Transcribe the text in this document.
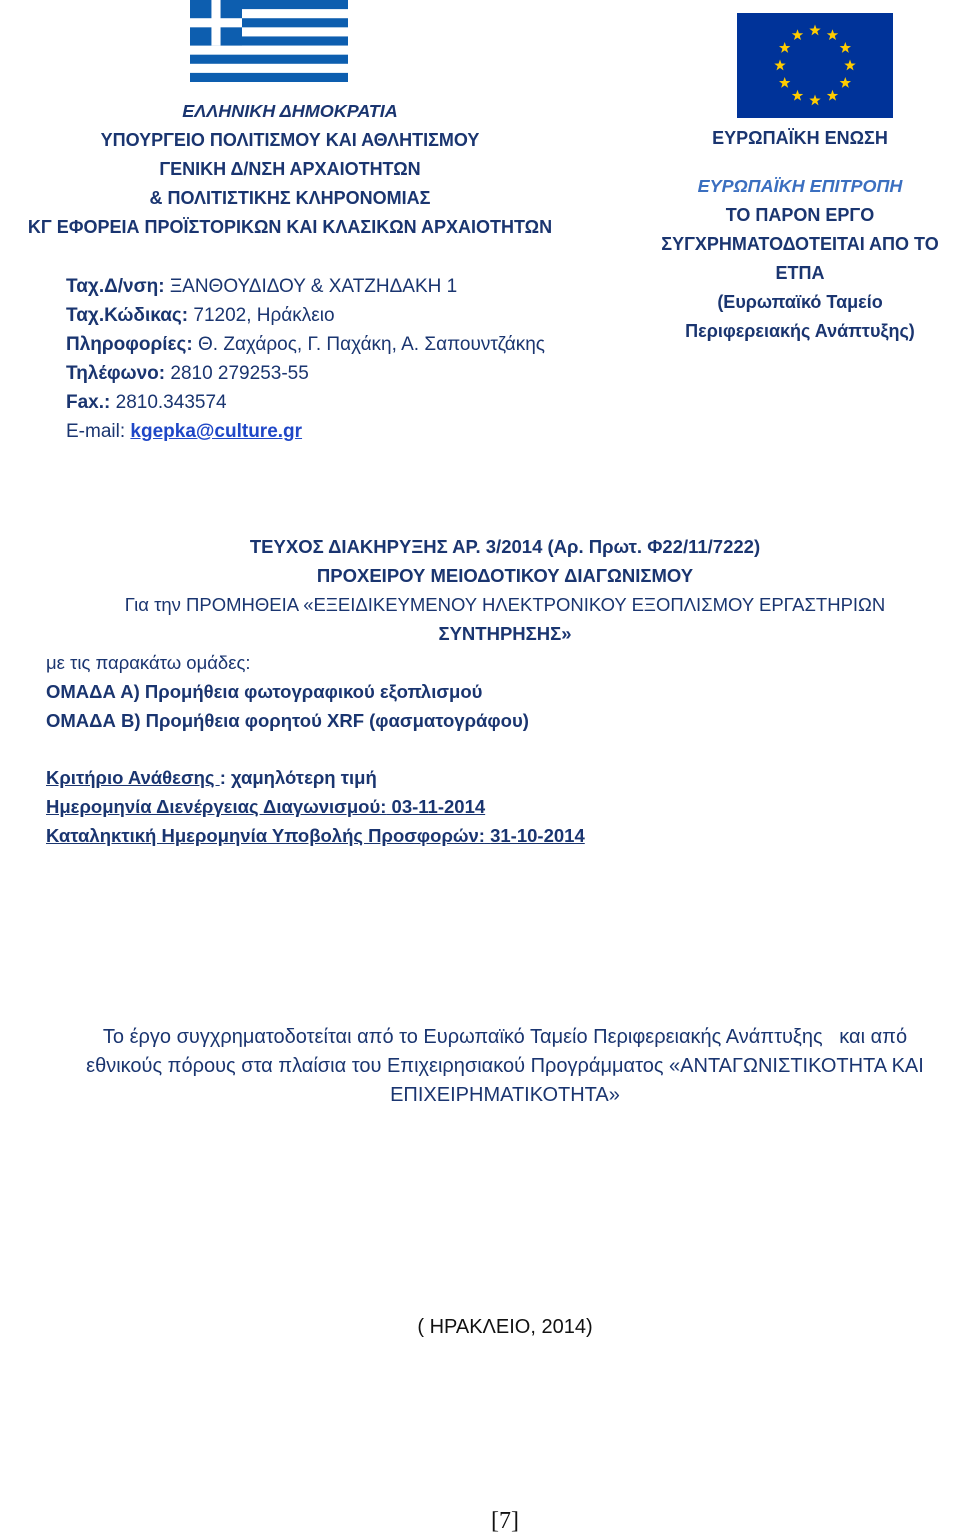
ΕΛΛΗΝΙΚΗ ΔΗΜΟΚΡΑΤΙΑ
ΥΠΟΥΡΓΕΙΟ ΠΟΛΙΤΙΣΜΟΥ ΚΑΙ ΑΘΛΗΤΙΣΜΟΥ
ΓΕΝΙΚΗ Δ/ΝΣΗ ΑΡΧΑΙΟΤΗΤΩΝ
& ΠΟΛΙΤΙΣΤΙΚΗΣ ΚΛΗΡΟΝΟΜΙΑΣ
ΚΓ ΕΦΟΡΕΙΑ ΠΡΟΪΣΤΟΡΙΚΩΝ ΚΑΙ ΚΛΑΣΙΚΩΝ ΑΡΧΑΙΟΤΗΤΩΝ
Ταχ.Δ/νση: ΞΑΝΘΟΥΔΙΔΟΥ & ΧΑΤΖΗΔΑΚΗ 1
Ταχ.Κώδικας: 71202, Ηράκλειο
Πληροφορίες: Θ. Ζαχάρος, Γ. Παχάκη, Α. Σαπουντζάκης
Τηλέφωνο: 2810 279253-55
Fax.: 2810.343574
E-mail: kgepka@culture.gr
ΕΥΡΩΠΑΪΚΗ ΕΝΩΣΗ
ΕΥΡΩΠΑΪΚΗ ΕΠΙΤΡΟΠΗ
ΤΟ ΠΑΡΟΝ ΕΡΓΟ
ΣΥΓΧΡΗΜΑΤΟΔΟΤΕΙΤΑΙ ΑΠΟ ΤΟ
ΕΤΠΑ
(Ευρωπαϊκό Ταμείο
Περιφερειακής Ανάπτυξης)
ΤΕΥΧΟΣ ΔΙΑΚΗΡΥΞΗΣ ΑΡ. 3/2014 (Αρ. Πρωτ. Φ22/11/7222)
ΠΡΟΧΕΙΡΟΥ ΜΕΙΟΔΟΤΙΚΟΥ ΔΙΑΓΩΝΙΣΜΟΥ
Για την ΠΡΟΜΗΘΕΙΑ «ΕΞΕΙΔΙΚΕΥΜΕΝΟΥ ΗΛΕΚΤΡΟΝΙΚΟΥ ΕΞΟΠΛΙΣΜΟΥ ΕΡΓΑΣΤΗΡΙΩΝ
ΣΥΝΤΗΡΗΣΗΣ»
με τις παρακάτω ομάδες:
ΟΜΑΔΑ Α) Προμήθεια φωτογραφικού εξοπλισμού
ΟΜΑΔΑ Β) Προμήθεια φορητού XRF (φασματογράφου)
Κριτήριο Ανάθεσης : χαμηλότερη τιμή
Ημερομηνία Διενέργειας Διαγωνισμού: 03-11-2014
Καταληκτική Ημερομηνία Υποβολής Προσφορών: 31-10-2014
Το έργο συγχρηματοδοτείται από το Ευρωπαϊκό Ταμείο Περιφερειακής Ανάπτυξης   και από
εθνικούς πόρους στα πλαίσια του Επιχειρησιακού Προγράμματος «ΑΝΤΑΓΩΝΙΣΤΙΚΟΤΗΤΑ ΚΑΙ
ΕΠΙΧΕΙΡΗΜΑΤΙΚΟΤΗΤΑ»
( ΗΡΑΚΛΕΙΟ, 2014)
[7]
